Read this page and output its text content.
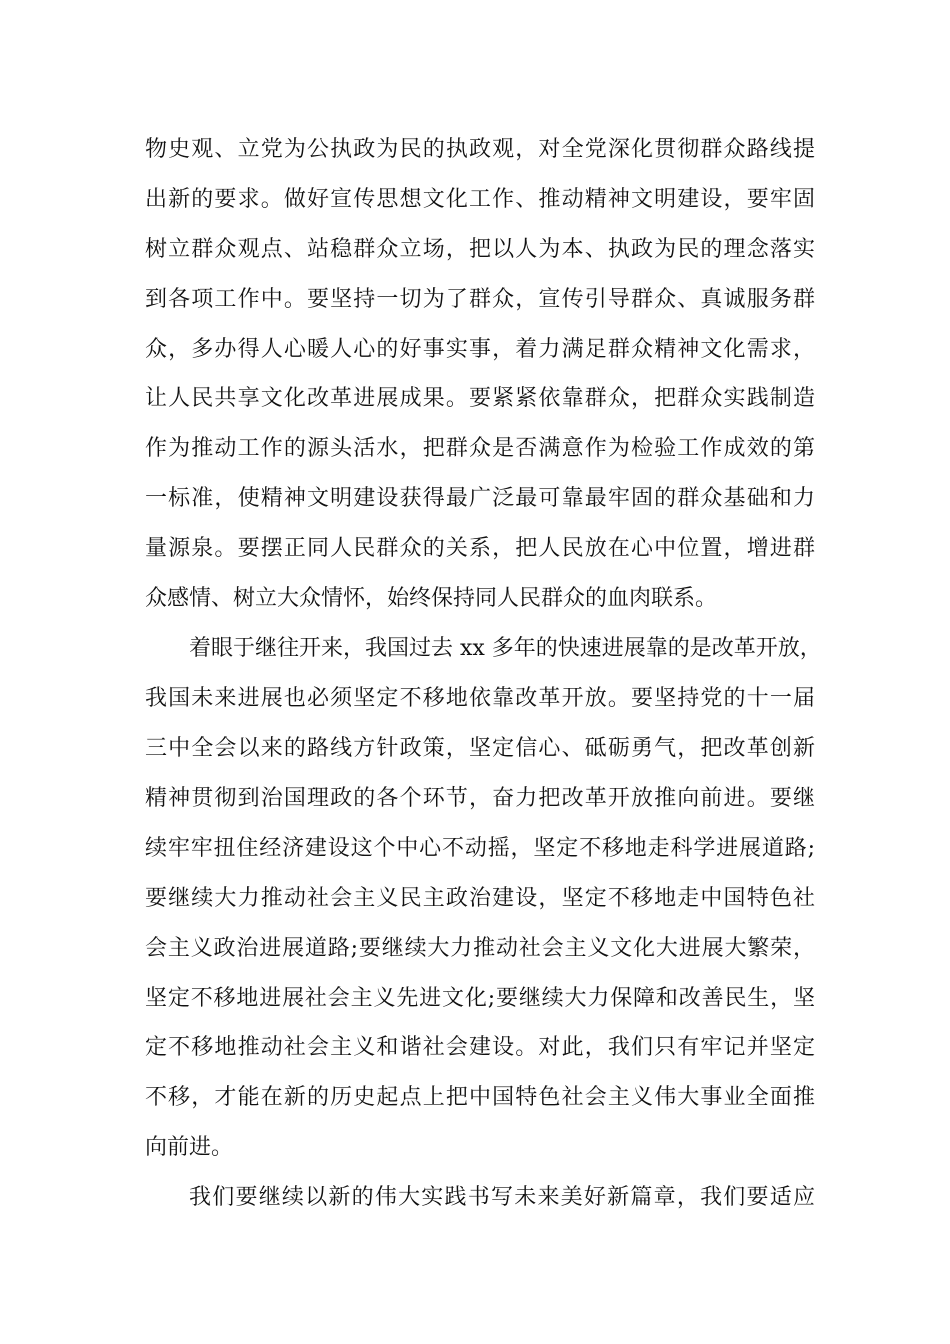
物史观、立党为公执政为民的执政观，对全党深化贯彻群众路线提
出新的要求。做好宣传思想文化工作、推动精神文明建设，要牢固
树立群众观点、站稳群众立场，把以人为本、执政为民的理念落实
到各项工作中。要坚持一切为了群众，宣传引导群众、真诚服务群
众，多办得人心暖人心的好事实事，着力满足群众精神文化需求，
让人民共享文化改革进展成果。要紧紧依靠群众，把群众实践制造
作为推动工作的源头活水，把群众是否满意作为检验工作成效的第
一标准，使精神文明建设获得最广泛最可靠最牢固的群众基础和力
量源泉。要摆正同人民群众的关系，把人民放在心中位置，增进群
众感情、树立大众情怀，始终保持同人民群众的血肉联系。
着眼于继往开来，我国过去 xx 多年的快速进展靠的是改革开放，
我国未来进展也必须坚定不移地依靠改革开放。要坚持党的十一届
三中全会以来的路线方针政策，坚定信心、砥砺勇气，把改革创新
精神贯彻到治国理政的各个环节，奋力把改革开放推向前进。要继
续牢牢扭住经济建设这个中心不动摇，坚定不移地走科学进展道路;
要继续大力推动社会主义民主政治建设，坚定不移地走中国特色社
会主义政治进展道路;要继续大力推动社会主义文化大进展大繁荣，
坚定不移地进展社会主义先进文化;要继续大力保障和改善民生，坚
定不移地推动社会主义和谐社会建设。对此，我们只有牢记并坚定
不移，才能在新的历史起点上把中国特色社会主义伟大事业全面推
向前进。
我们要继续以新的伟大实践书写未来美好新篇章，我们要适应
